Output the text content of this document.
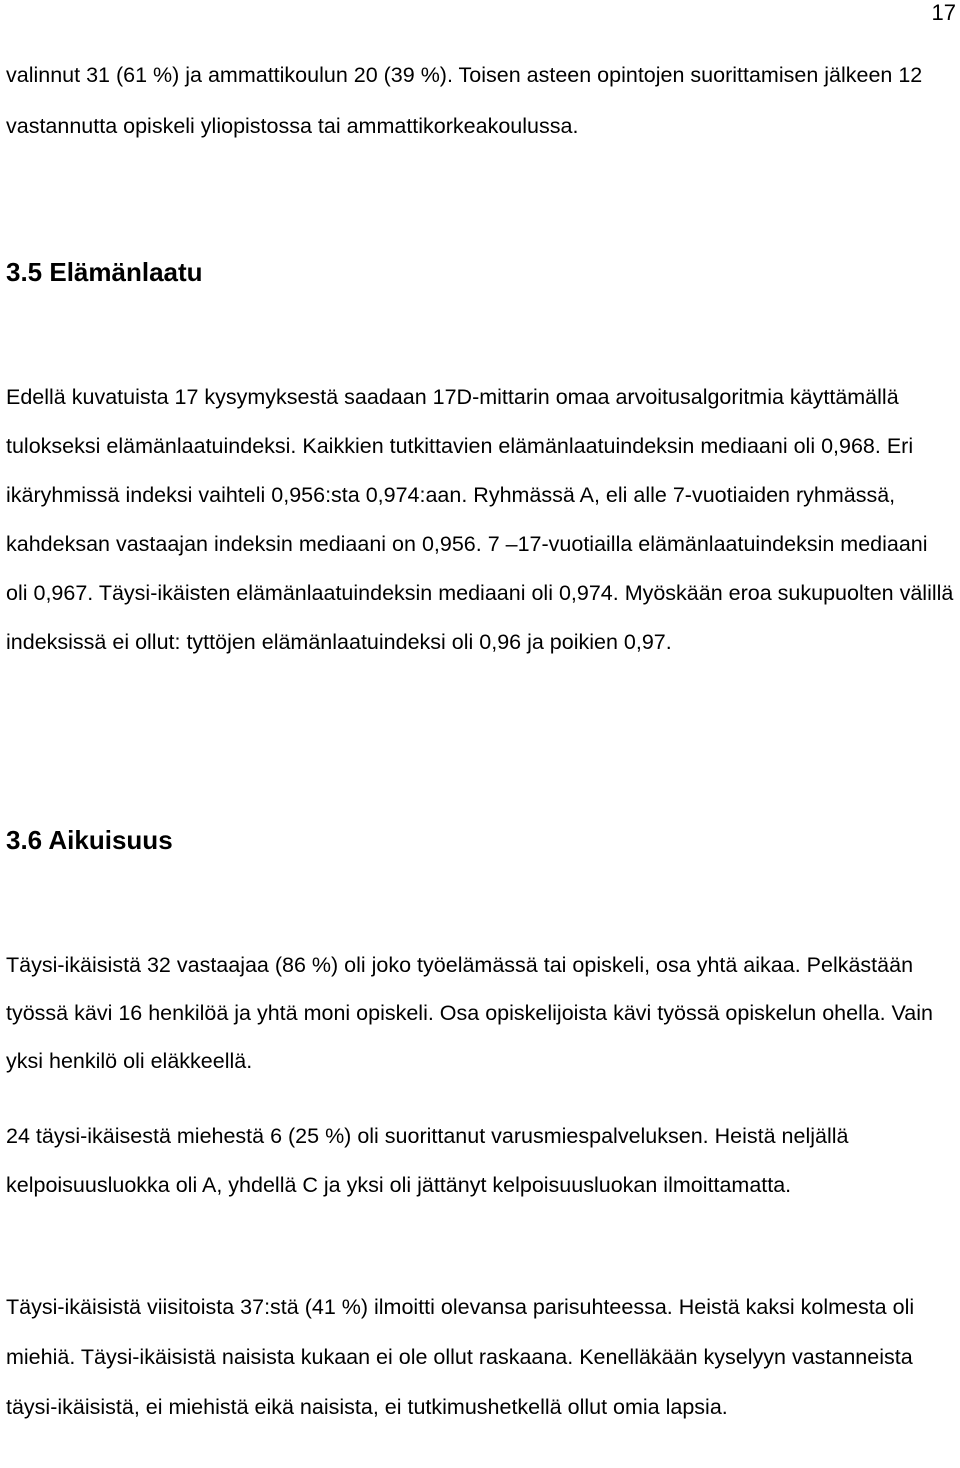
17

valinnut 31 (61 %) ja ammattikoulun 20 (39 %). Toisen asteen opintojen suorittamisen jälkeen 12 vastannutta opiskeli yliopistossa tai ammattikorkeakoulussa.

3.5 Elämänlaatu

Edellä kuvatuista 17 kysymyksestä saadaan 17D-mittarin omaa arvoitusalgoritmia käyttämällä tulokseksi elämänlaatuindeksi. Kaikkien tutkittavien elämänlaatuindeksin mediaani oli 0,968. Eri ikäryhmissä indeksi vaihteli 0,956:sta 0,974:aan. Ryhmässä A, eli alle 7-vuotiaiden ryhmässä, kahdeksan vastaajan indeksin mediaani on 0,956. 7 –17-vuotiailla elämänlaatuindeksin mediaani oli 0,967. Täysi-ikäisten elämänlaatuindeksin mediaani oli 0,974. Myöskään eroa sukupuolten välillä indeksissä ei ollut: tyttöjen elämänlaatuindeksi oli 0,96 ja poikien 0,97.

3.6 Aikuisuus

Täysi-ikäisistä 32 vastaajaa (86 %) oli joko työelämässä tai opiskeli, osa yhtä aikaa. Pelkästään työssä kävi 16 henkilöä ja yhtä moni opiskeli. Osa opiskelijoista kävi työssä opiskelun ohella. Vain yksi henkilö oli eläkkeellä.

24 täysi-ikäisestä miehestä 6 (25 %) oli suorittanut varusmiespalveluksen. Heistä neljällä kelpoisuusluokka oli A, yhdellä C ja yksi oli jättänyt kelpoisuusluokan ilmoittamatta.

Täysi-ikäisistä viisitoista 37:stä (41 %) ilmoitti olevansa parisuhteessa. Heistä kaksi kolmesta oli miehiä. Täysi-ikäisistä naisista kukaan ei ole ollut raskaana. Kenelläkään kyselyyn vastanneista täysi-ikäisistä, ei miehistä eikä naisista, ei tutkimushetkellä ollut omia lapsia.
